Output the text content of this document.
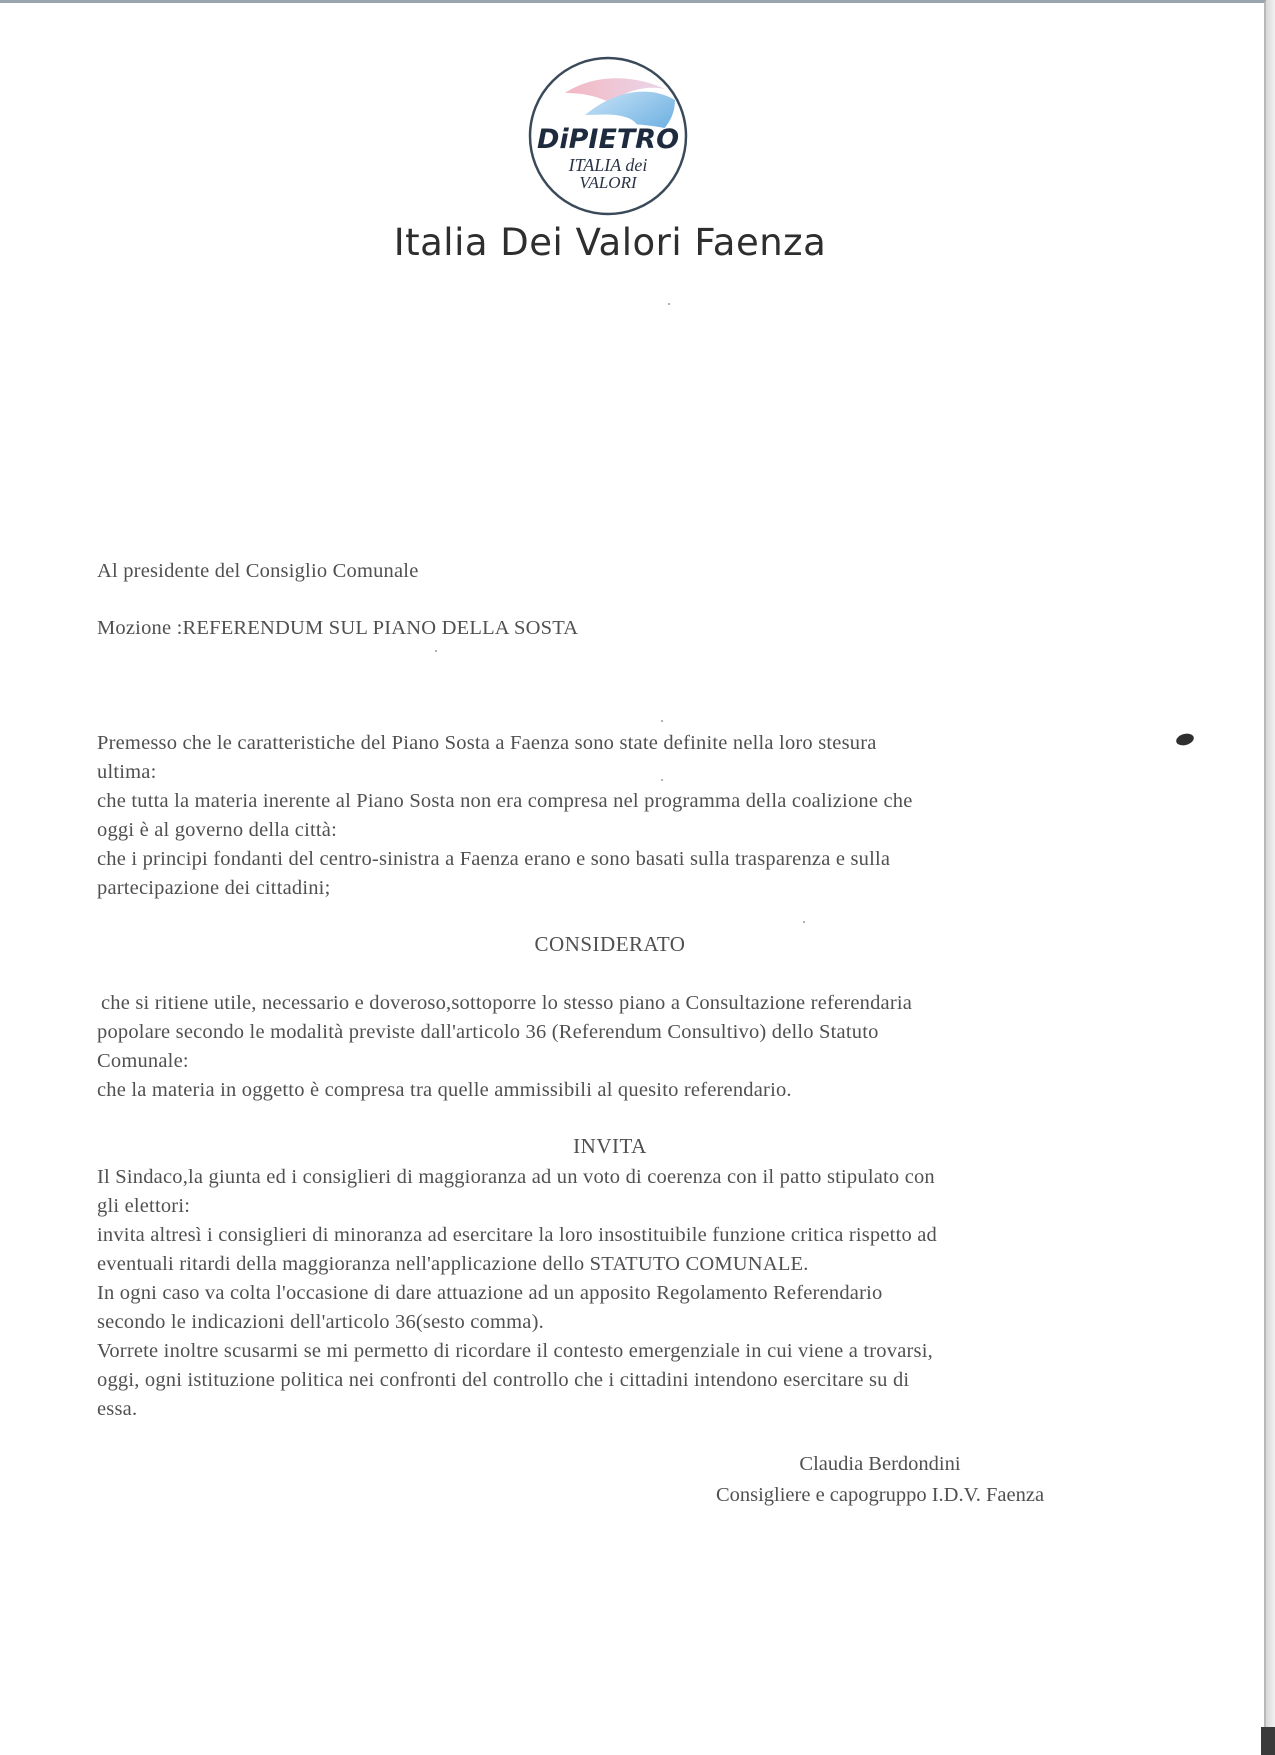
DiPIETRO
ITALIA dei
VALORI
Italia Dei Valori Faenza
Al presidente del Consiglio Comunale
Mozione :REFERENDUM SUL PIANO DELLA SOSTA
Premesso che le caratteristiche del Piano Sosta a Faenza sono state definite nella loro stesura
ultima:
che tutta la materia inerente al Piano Sosta non era compresa nel programma della coalizione che
oggi è al governo della città:
che i principi fondanti del centro-sinistra a Faenza erano e sono basati sulla trasparenza e sulla
partecipazione dei cittadini;
CONSIDERATO
che si ritiene utile, necessario e doveroso,sottoporre lo stesso piano a Consultazione referendaria
popolare secondo le modalità previste dall'articolo 36 (Referendum Consultivo) dello Statuto
Comunale:
che la materia in oggetto è compresa tra quelle ammissibili al quesito referendario.
INVITA
Il Sindaco,la giunta ed i consiglieri di maggioranza ad un voto di coerenza con il patto stipulato con
gli elettori:
invita altresì i consiglieri di minoranza ad esercitare la loro insostituibile funzione critica rispetto ad
eventuali ritardi della maggioranza nell'applicazione dello STATUTO COMUNALE.
In ogni caso va colta l'occasione di dare attuazione ad un apposito Regolamento Referendario
secondo le indicazioni dell'articolo 36(sesto comma).
Vorrete inoltre scusarmi se mi permetto di ricordare il contesto emergenziale in cui viene a trovarsi,
oggi, ogni istituzione politica nei confronti del controllo che i cittadini intendono esercitare su di
essa.
Claudia Berdondini
Consigliere e capogruppo I.D.V. Faenza
